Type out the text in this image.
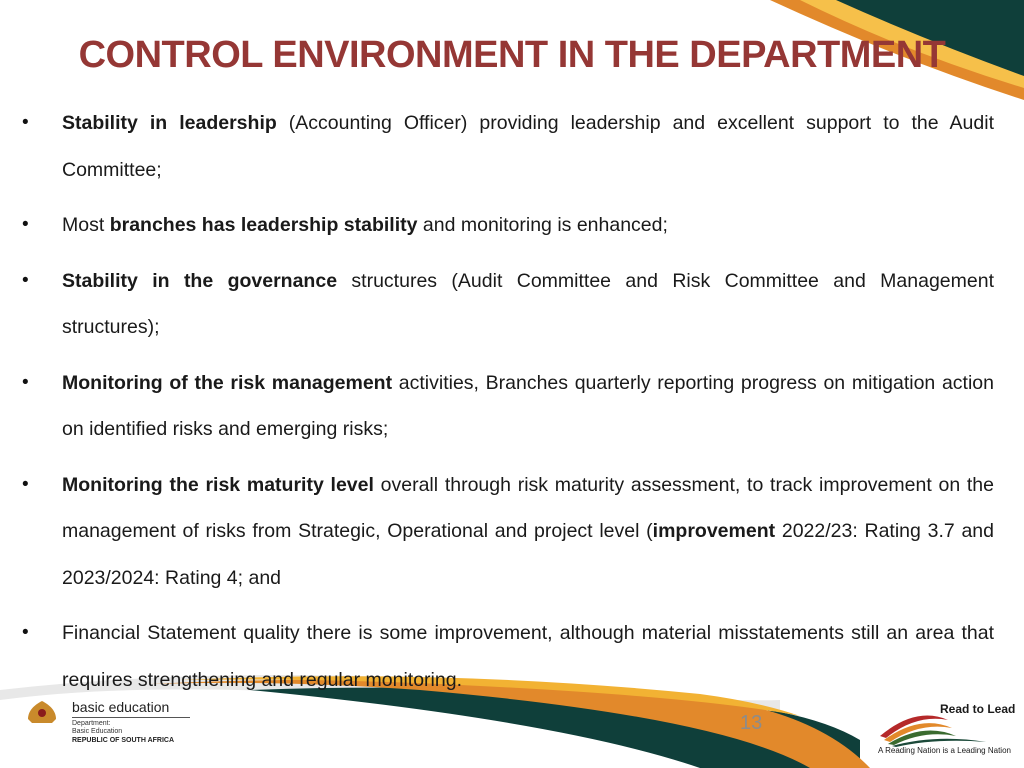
CONTROL ENVIRONMENT IN THE DEPARTMENT
• Stability in leadership (Accounting Officer) providing leadership and excellent support to the Audit Committee;
• Most branches has leadership stability and monitoring is enhanced;
• Stability in the governance structures (Audit Committee and Risk Committee and Management structures);
• Monitoring of the risk management activities, Branches quarterly reporting progress on mitigation action on identified risks and emerging risks;
• Monitoring the risk maturity level overall through risk maturity assessment, to track improvement on the management of risks from Strategic, Operational and project level (improvement 2022/23: Rating 3.7 and 2023/2024: Rating 4; and
• Financial Statement quality there is some improvement, although material misstatements still an area that requires strengthening and regular monitoring.
13
basic education
Department:
Basic Education
REPUBLIC OF SOUTH AFRICA
Read to Lead
A Reading Nation is a Leading Nation
